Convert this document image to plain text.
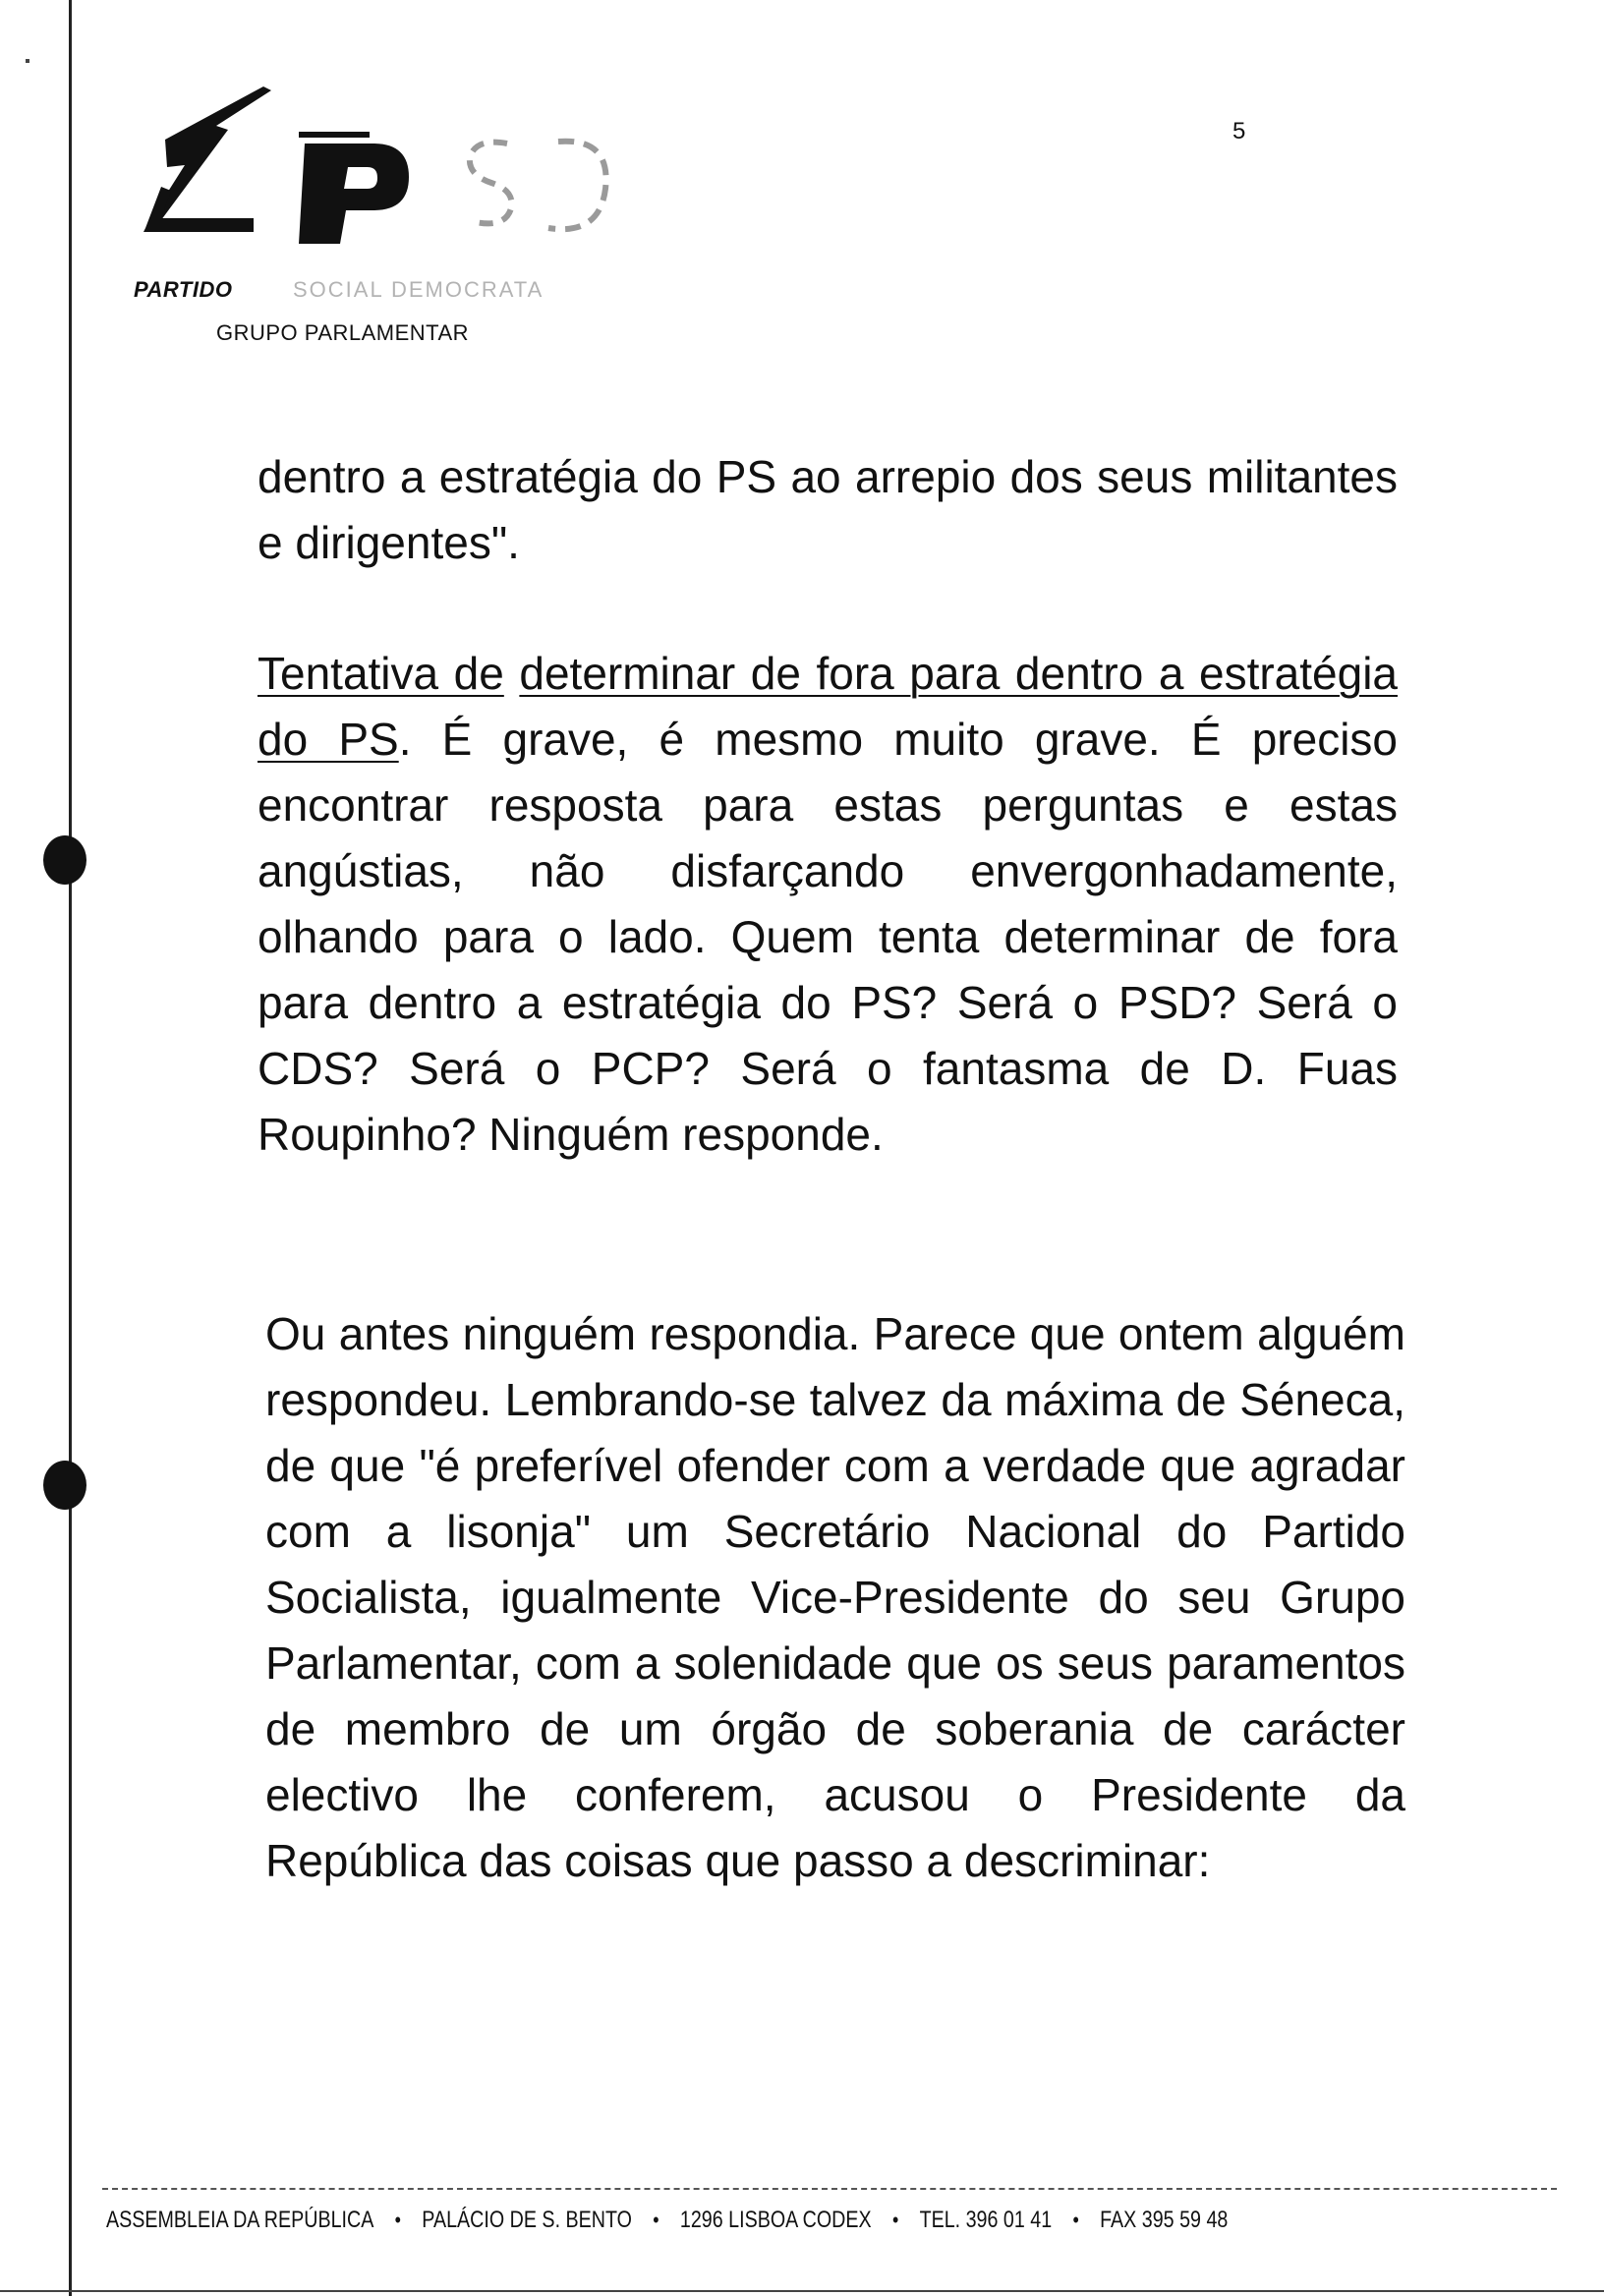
PARTIDO	SOCIAL DEMOCRATA
GRUPO PARLAMENTAR
5

dentro a estratégia do PS ao arrepio dos seus militantes e dirigentes".

Tentativa de determinar de fora para dentro a estratégia do PS. É grave, é mesmo muito grave. É preciso encontrar resposta para estas perguntas e estas angústias, não disfarçando envergonhadamente, olhando para o lado. Quem tenta determinar de fora para dentro a estratégia do PS? Será o PSD? Será o CDS? Será o PCP? Será o fantasma de D. Fuas Roupinho? Ninguém responde.

Ou antes ninguém respondia. Parece que ontem alguém respondeu. Lembrando-se talvez da máxima de Séneca, de que "é preferível ofender com a verdade que agradar com a lisonja" um Secretário Nacional do Partido Socialista, igualmente Vice-Presidente do seu Grupo Parlamentar, com a solenidade que os seus paramentos de membro de um órgão de soberania de carácter electivo lhe conferem, acusou o Presidente da República das coisas que passo a descriminar:

ASSEMBLEIA DA REPÚBLICA • PALÁCIO DE S. BENTO • 1296 LISBOA CODEX • TEL. 396 01 41 • FAX 395 59 48
